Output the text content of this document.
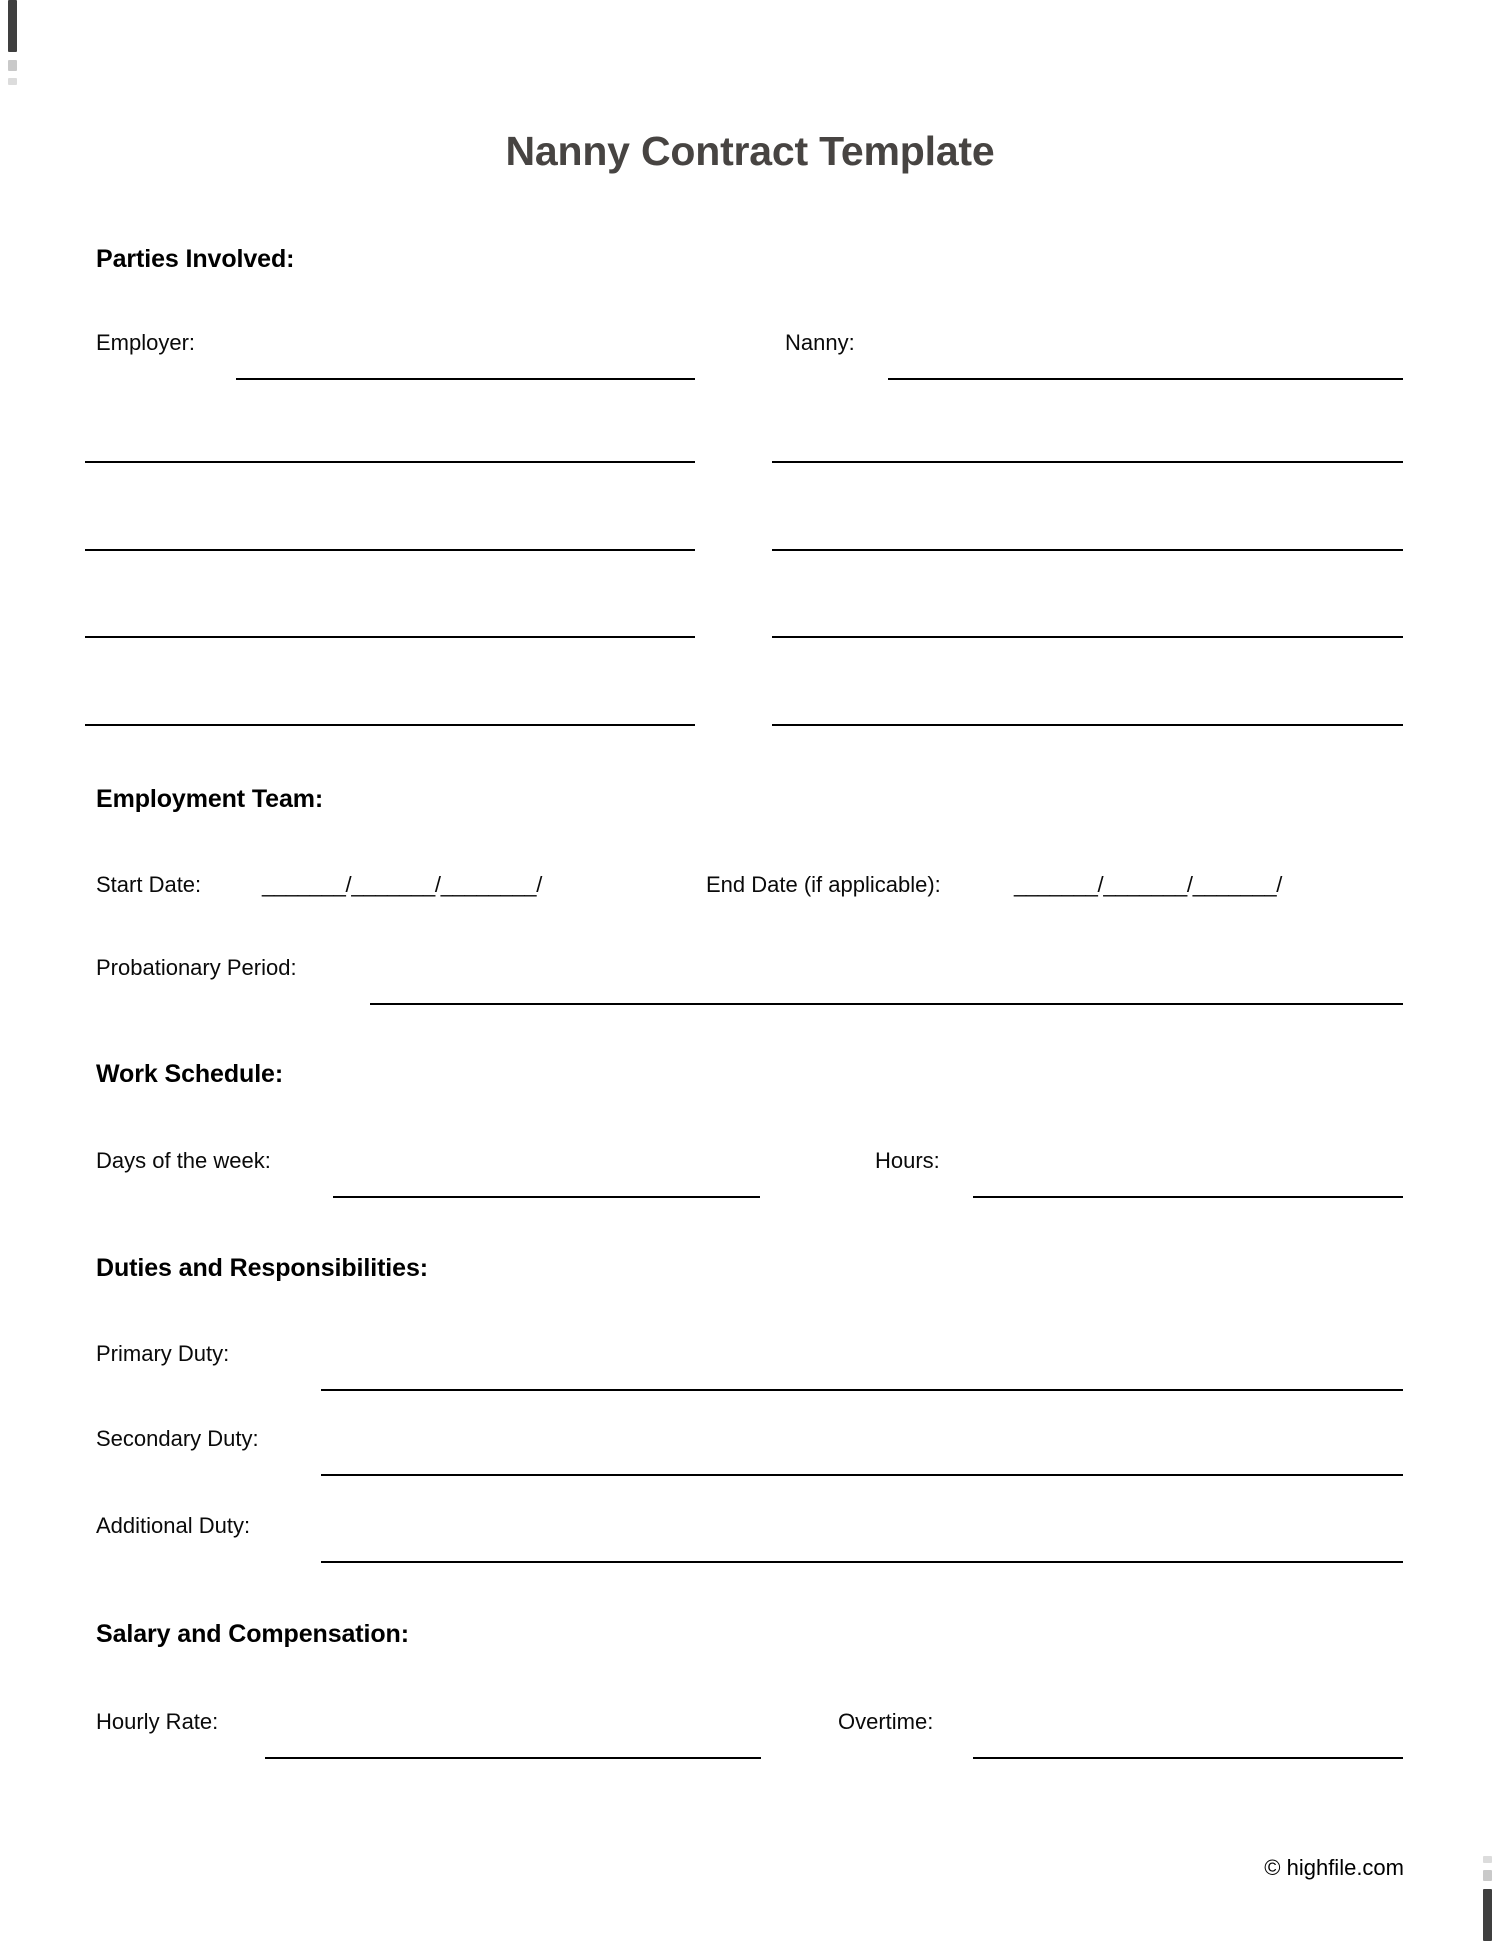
Nanny Contract Template
Parties Involved:
Employer:	Nanny:
Employment Team:
Start Date:	_______/_______/________/	End Date (if applicable):	_______/_______/_______/
Probationary Period:
Work Schedule:
Days of the week:	Hours:
Duties and Responsibilities:
Primary Duty:
Secondary Duty:
Additional Duty:
Salary and Compensation:
Hourly Rate:	Overtime:
© highfile.com
